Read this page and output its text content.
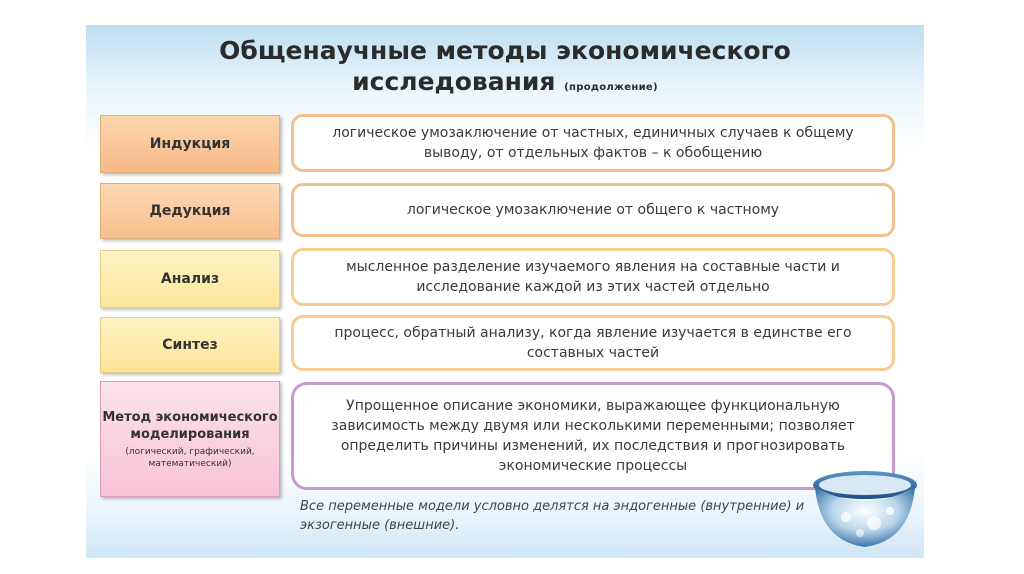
Общенаучные методы экономического
исследования (продолжение)
Индукция
логическое умозаключение от частных, единичных случаев к общему выводу, от отдельных фактов – к обобщению
Дедукция	логическое умозаключение от общего к частному
Анализ
мысленное разделение изучаемого явления на составные части и исследование каждой из этих частей отдельно
Синтез
процесс, обратный анализу, когда явление изучается в единстве его составных частей
Метод экономического моделирования
(логический, графический, математический)
Упрощенное описание экономики, выражающее функциональную зависимость между двумя или несколькими переменными; позволяет определить причины изменений, их последствия и прогнозировать экономические процессы
Все переменные модели условно делятся на эндогенные (внутренние) и экзогенные (внешние).
